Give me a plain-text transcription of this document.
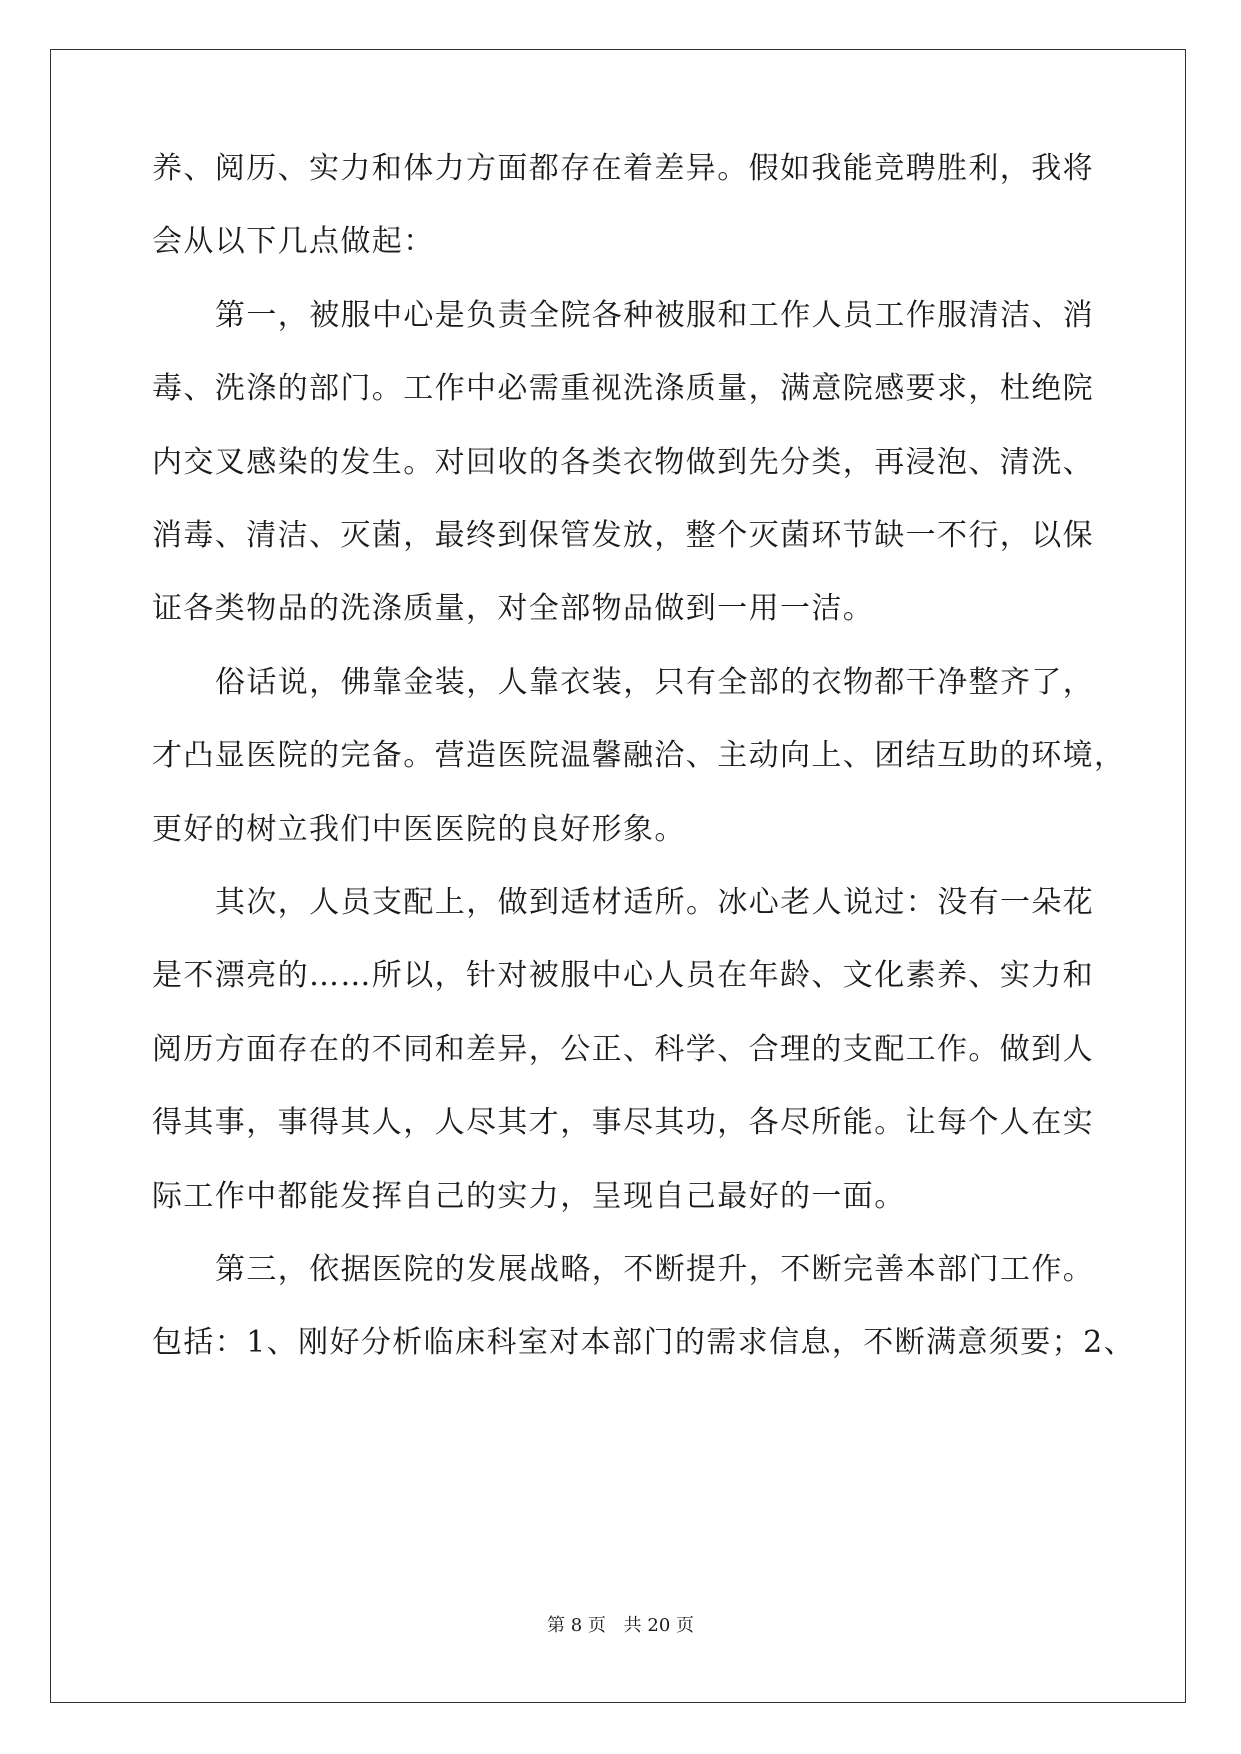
养、阅历、实力和体力方面都存在着差异。假如我能竞聘胜利，我将
会从以下几点做起：
第一，被服中心是负责全院各种被服和工作人员工作服清洁、消
毒、洗涤的部门。工作中必需重视洗涤质量，满意院感要求，杜绝院
内交叉感染的发生。对回收的各类衣物做到先分类，再浸泡、清洗、
消毒、清洁、灭菌，最终到保管发放，整个灭菌环节缺一不行，以保
证各类物品的洗涤质量，对全部物品做到一用一洁。
俗话说，佛靠金装，人靠衣装，只有全部的衣物都干净整齐了，
才凸显医院的完备。营造医院温馨融洽、主动向上、团结互助的环境，
更好的树立我们中医医院的良好形象。
其次，人员支配上，做到适材适所。冰心老人说过：没有一朵花
是不漂亮的……所以，针对被服中心人员在年龄、文化素养、实力和
阅历方面存在的不同和差异，公正、科学、合理的支配工作。做到人
得其事，事得其人，人尽其才，事尽其功，各尽所能。让每个人在实
际工作中都能发挥自己的实力，呈现自己最好的一面。
第三，依据医院的发展战略，不断提升，不断完善本部门工作。
包括：1、刚好分析临床科室对本部门的需求信息，不断满意须要；2、
第 8 页 共 20 页
